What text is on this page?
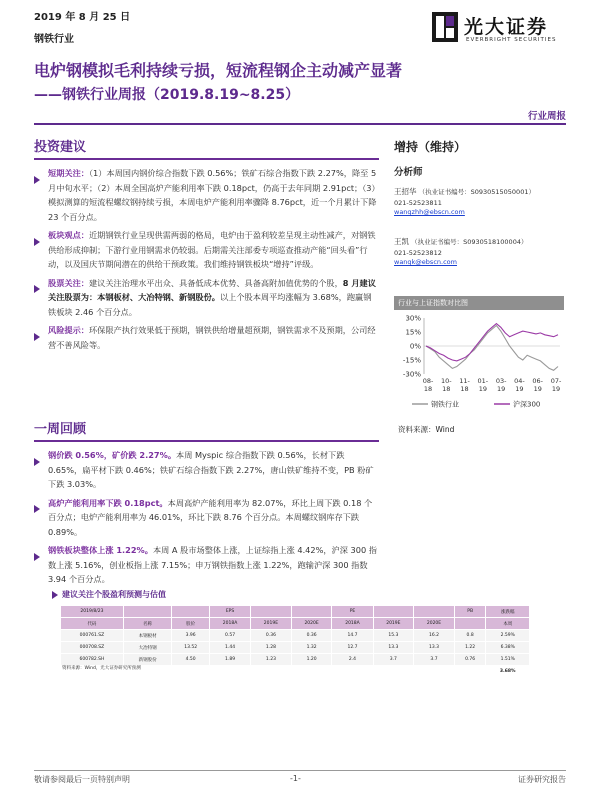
2019 年 8 月 25 日
钢铁行业
光大证券
EVERBRIGHT SECURITIES
电炉钢模拟毛利持续亏损，短流程钢企主动减产显著
——钢铁行业周报（2019.8.19~8.25）
行业周报
投资建议
短期关注：（1）本周国内钢价综合指数下跌 0.56%；铁矿石综合指数下跌 2.27%，降至 5 月中旬水平；（2）本周全国高炉产能利用率下跌 0.18pct，仍高于去年同期 2.91pct；（3）模拟测算的短流程螺纹钢持续亏损，本周电炉产能利用率骤降 8.76pct，近一个月累计下降 23 个百分点。
板块观点：近期钢铁行业呈现供需两弱的格局，电炉由于盈利较差呈现主动性减产，对钢铁供给形成抑制；下游行业用钢需求仍较弱。后期需关注部委专项巡查推动产能“回头看”行动，以及国庆节期间潜在的供给干预政策。我们维持钢铁板块“增持”评级。
股票关注：建议关注治理水平出众、具备低成本优势、具备高附加值优势的个股，8 月建议关注股票为：本钢板材、大冶特钢、新钢股份。以上个股本周平均涨幅为 3.68%，跑赢钢铁板块 2.46 个百分点。
风险提示：环保限产执行效果低于预期，钢铁供给增量超预期，钢铁需求不及预期，公司经营不善风险等。
一周回顾
钢价跌 0.56%，矿价跌 2.27%。本周 Myspic 综合指数下跌 0.56%，长材下跌 0.65%，扁平材下跌 0.46%；铁矿石综合指数下跌 2.27%，唐山铁矿维持不变，PB 粉矿下跌 3.03%。
高炉产能利用率下跌 0.18pct。本周高炉产能利用率为 82.07%，环比上周下跌 0.18 个百分点；电炉产能利用率为 46.01%，环比下跌 8.76 个百分点。本周螺纹钢库存下跌 0.89%。
钢铁板块整体上涨 1.22%。本周 A 股市场整体上涨，上证综指上涨 4.42%，沪深 300 指数上涨 5.16%，创业板指上涨 7.15%；申万钢铁指数上涨 1.22%，跑输沪深 300 指数 3.94 个百分点。
增持（维持）
分析师
王招华 （执业证书编号：S0930515050001）
021-52523811
wangzhh@ebscn.com
王凯 （执业证书编号：S0930518100004）
021-52523812
wangk@ebscn.com
行业与上证指数对比图
30%
15%
0%
-15%
-30%
08-
18
10-
18
11-
18
01-
19
03-
19
04-
19
06-
19
07-
19
钢铁行业	沪深300
资料来源：Wind
建议关注个股盈利预测与估值
2019/8/23			EPS			PE			PB	涨跌幅
代码	名称	股价	2018A	2019E	2020E	2018A	2019E	2020E		本周
000761.SZ	本钢板材	3.96	0.57	0.36	0.36	14.7	15.3	16.2	0.8	2.59%
000708.SZ	大冶特钢	13.52	1.44	1.28	1.32	12.7	13.3	13.3	1.22	6.38%
600782.SH	新钢股份	4.50	1.89	1.23	1.20	2.4	3.7	3.7	0.76	1.51%
										3.68%
资料来源：Wind，光大证券研究所预测
敬请参阅最后一页特别声明	-1-	证券研究报告
